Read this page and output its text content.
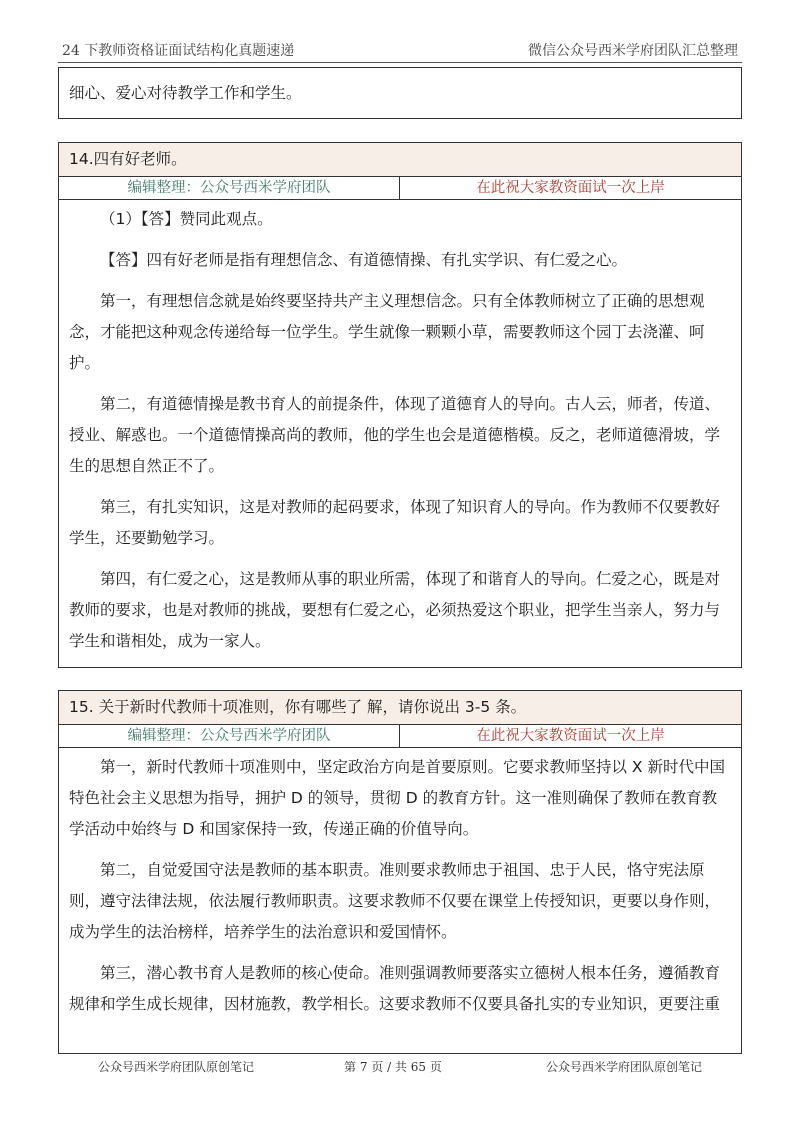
24 下教师资格证面试结构化真题速递	微信公众号西米学府团队汇总整理

细心、爱心对待教学工作和学生。

14.四有好老师。
编辑整理：公众号西米学府团队	在此祝大家教资面试一次上岸

（1）【答】赞同此观点。

【答】四有好老师是指有理想信念、有道德情操、有扎实学识、有仁爱之心。

第一，有理想信念就是始终要坚持共产主义理想信念。只有全体教师树立了正确的思想观念，才能把这种观念传递给每一位学生。学生就像一颗颗小草，需要教师这个园丁去浇灌、呵护。

第二，有道德情操是教书育人的前提条件，体现了道德育人的导向。古人云，师者，传道、授业、解惑也。一个道德情操高尚的教师，他的学生也会是道德楷模。反之，老师道德滑坡，学生的思想自然正不了。

第三，有扎实知识，这是对教师的起码要求，体现了知识育人的导向。作为教师不仅要教好学生，还要勤勉学习。

第四，有仁爱之心，这是教师从事的职业所需，体现了和谐育人的导向。仁爱之心，既是对教师的要求，也是对教师的挑战，要想有仁爱之心，必须热爱这个职业，把学生当亲人，努力与学生和谐相处，成为一家人。

15. 关于新时代教师十项准则，你有哪些了 解，请你说出 3-5 条。
编辑整理：公众号西米学府团队	在此祝大家教资面试一次上岸

第一，新时代教师十项准则中，坚定政治方向是首要原则。它要求教师坚持以 X 新时代中国特色社会主义思想为指导，拥护 D 的领导，贯彻 D 的教育方针。这一准则确保了教师在教育教学活动中始终与 D 和国家保持一致，传递正确的价值导向。

第二，自觉爱国守法是教师的基本职责。准则要求教师忠于祖国、忠于人民，恪守宪法原则，遵守法律法规，依法履行教师职责。这要求教师不仅要在课堂上传授知识，更要以身作则，成为学生的法治榜样，培养学生的法治意识和爱国情怀。

第三，潜心教书育人是教师的核心使命。准则强调教师要落实立德树人根本任务，遵循教育规律和学生成长规律，因材施教，教学相长。这要求教师不仅要具备扎实的专业知识，更要注重

公众号西米学府团队原创笔记	第 7 页 / 共 65 页	公众号西米学府团队原创笔记
